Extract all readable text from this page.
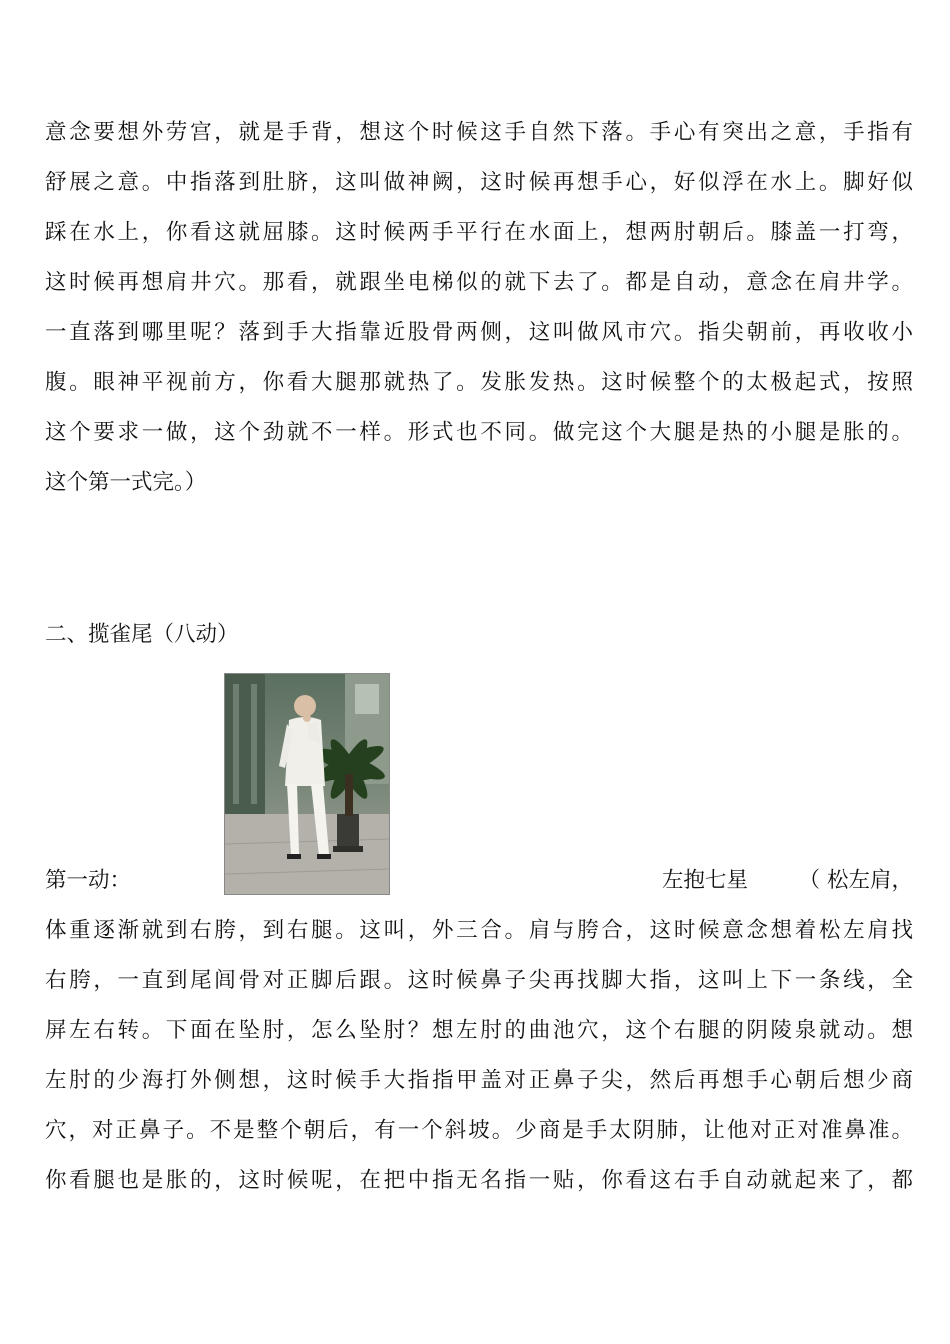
意念要想外劳宫，就是手背，想这个时候这手自然下落。手心有突出之意，手指有
舒展之意。中指落到肚脐，这叫做神阙，这时候再想手心，好似浮在水上。脚好似
踩在水上，你看这就屈膝。这时候两手平行在水面上，想两肘朝后。膝盖一打弯，
这时候再想肩井穴。那看，就跟坐电梯似的就下去了。都是自动，意念在肩井学。
一直落到哪里呢？落到手大指靠近股骨两侧，这叫做风市穴。指尖朝前，再收收小
腹。眼神平视前方，你看大腿那就热了。发胀发热。这时候整个的太极起式，按照
这个要求一做，这个劲就不一样。形式也不同。做完这个大腿是热的小腿是胀的。
这个第一式完。）
二、揽雀尾（八动）
第一动：	左抱七星 （ 松左肩，
体重逐渐就到右胯，到右腿。这叫，外三合。肩与胯合，这时候意念想着松左肩找
右胯，一直到尾闾骨对正脚后跟。这时候鼻子尖再找脚大指，这叫上下一条线，全
屏左右转。下面在坠肘，怎么坠肘？想左肘的曲池穴，这个右腿的阴陵泉就动。想
左肘的少海打外侧想，这时候手大指指甲盖对正鼻子尖，然后再想手心朝后想少商
穴，对正鼻子。不是整个朝后，有一个斜坡。少商是手太阴肺，让他对正对准鼻准。
你看腿也是胀的，这时候呢，在把中指无名指一贴，你看这右手自动就起来了，都
